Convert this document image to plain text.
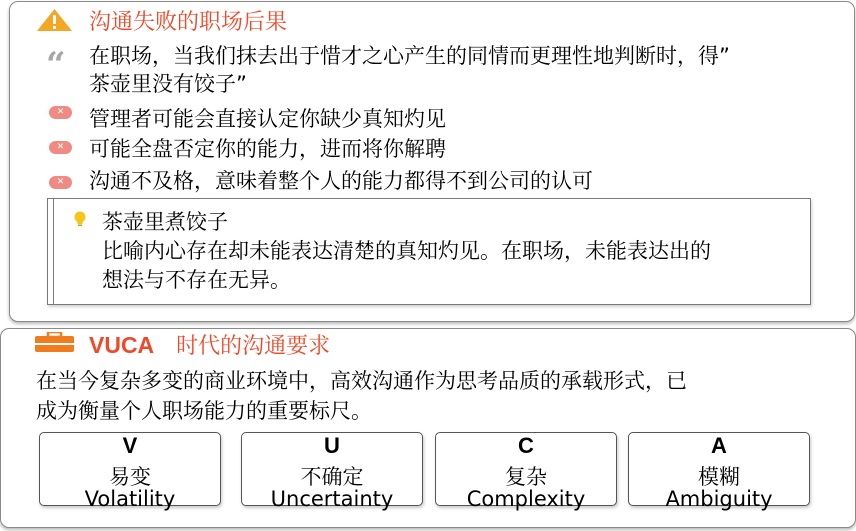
沟通失败的职场后果
“ 在职场，当我们抹去出于惜才之心产生的同情而更理性地判断时，得”
茶壶里没有饺子”
✕	管理者可能会直接认定你缺少真知灼见
✕	可能全盘否定你的能力，进而将你解聘
✕	沟通不及格，意味着整个人的能力都得不到公司的认可
茶壶里煮饺子
比喻内心存在却未能表达清楚的真知灼见。在职场，未能表达出的
想法与不存在无异。
VUCA 时代的沟通要求
在当今复杂多变的商业环境中，高效沟通作为思考品质的承载形式，已
成为衡量个人职场能力的重要标尺。
V
易变
Volatility
U
不确定
Uncertainty
C
复杂
Complexity
A
模糊
Ambiguity
